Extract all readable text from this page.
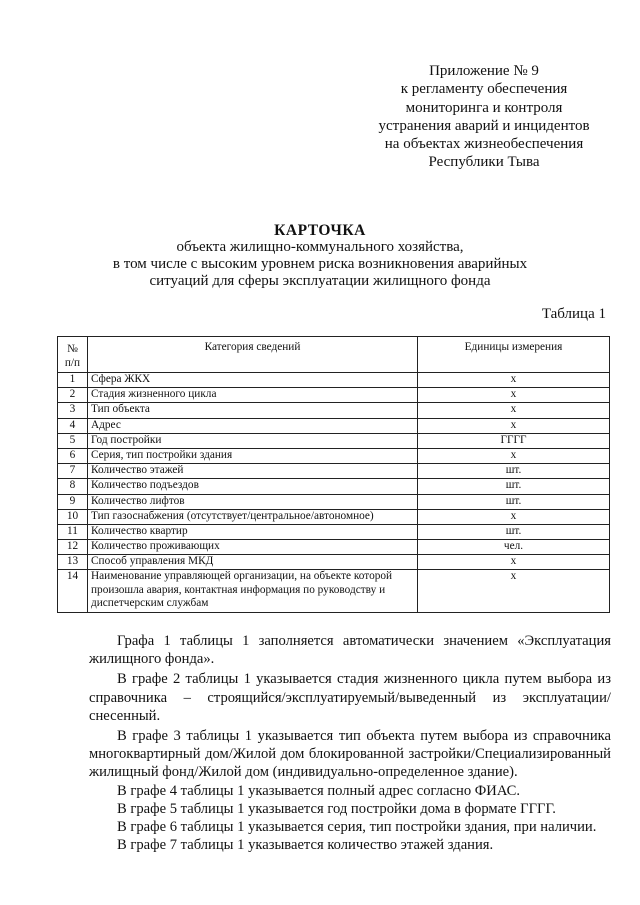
Приложение № 9
к регламенту обеспечения
мониторинга и контроля
устранения аварий и инцидентов
на объектах жизнеобеспечения
Республики Тыва
КАРТОЧКА
объекта жилищно-коммунального хозяйства,
в том числе с высоким уровнем риска возникновения аварийных
ситуаций для сферы эксплуатации жилищного фонда
Таблица 1
№
п/п	Категория сведений	Единицы измерения
1	Сфера ЖКХ	x
2	Стадия жизненного цикла	x
3	Тип объекта	x
4	Адрес	x
5	Год постройки	ГГГГ
6	Серия, тип постройки здания	x
7	Количество этажей	шт.
8	Количество подъездов	шт.
9	Количество лифтов	шт.
10	Тип газоснабжения (отсутствует/центральное/автономное)	x
11	Количество квартир	шт.
12	Количество проживающих	чел.
13	Способ управления МКД	x
14	Наименование управляющей организации, на объекте которой произошла авария, контактная информация по руководству и диспетчерским службам	x

Графа 1 таблицы 1 заполняется автоматически значением «Эксплуатация жилищного фонда».

В графе 2 таблицы 1 указывается стадия жизненного цикла путем выбора из справочника – строящийся/эксплуатируемый/выведенный из эксплуатации/снесенный.

В графе 3 таблицы 1 указывается тип объекта путем выбора из справочника многоквартирный дом/Жилой дом блокированной застройки/Специализированный жилищный фонд/Жилой дом (индивидуально-определенное здание).

В графе 4 таблицы 1 указывается полный адрес согласно ФИАС.

В графе 5 таблицы 1 указывается год постройки дома в формате ГГГГ.

В графе 6 таблицы 1 указывается серия, тип постройки здания, при наличии.

В графе 7 таблицы 1 указывается количество этажей здания.
